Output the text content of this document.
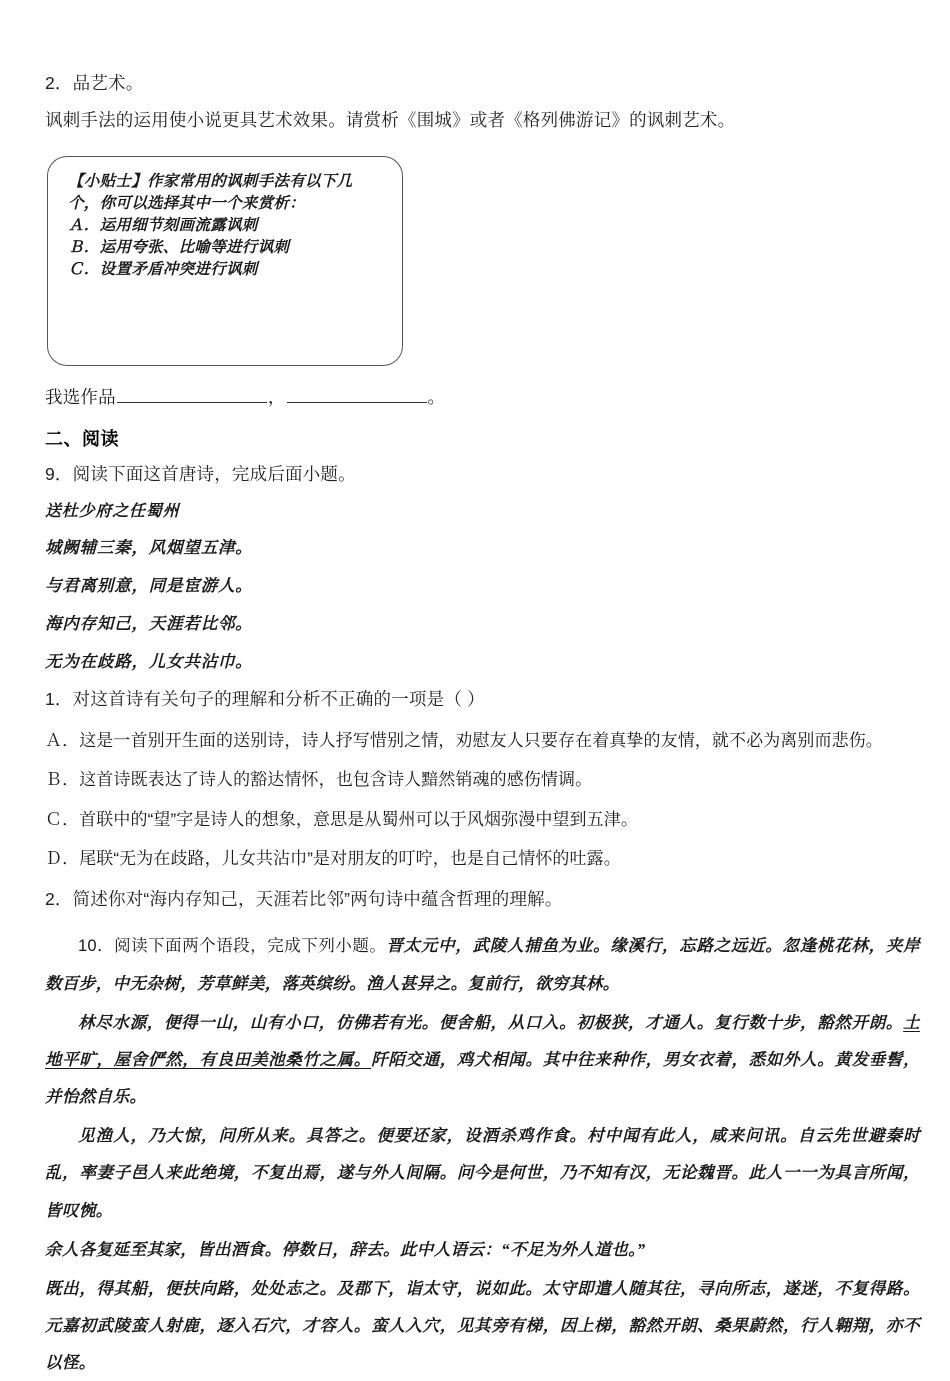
2．品艺术。

讽刺手法的运用使小说更具艺术效果。请赏析《围城》或者《格列佛游记》的讽刺艺术。

【小贴士】作家常用的讽刺手法有以下几
个，你可以选择其中一个来赏析：
Ａ．运用细节刻画流露讽刺
Ｂ．运用夸张、比喻等进行讽刺
Ｃ．设置矛盾冲突进行讽刺
我选作品	，	。

二、阅读

9．阅读下面这首唐诗，完成后面小题。

送杜少府之任蜀州

城阙辅三秦，风烟望五津。

与君离别意，同是宦游人。

海内存知己，天涯若比邻。

无为在歧路，儿女共沾巾。

1．对这首诗有关句子的理解和分析不正确的一项是（ ）

Ａ．这是一首别开生面的送别诗，诗人抒写惜别之情，劝慰友人只要存在着真挚的友情，就不必为离别而悲伤。

Ｂ．这首诗既表达了诗人的豁达情怀，也包含诗人黯然销魂的感伤情调。

Ｃ．首联中的“望”字是诗人的想象，意思是从蜀州可以于风烟弥漫中望到五津。

Ｄ．尾联“无为在歧路，儿女共沾巾”是对朋友的叮咛，也是自己情怀的吐露。

2．简述你对“海内存知己，天涯若比邻”两句诗中蕴含哲理的理解。

10．阅读下面两个语段，完成下列小题。晋太元中，武陵人捕鱼为业。缘溪行，忘路之远近。忽逢桃花林，夹岸数百步，中无杂树，芳草鲜美，落英缤纷。渔人甚异之。复前行，欲穷其林。

林尽水源，便得一山，山有小口，仿佛若有光。便舍船，从口入。初极狭，才通人。复行数十步，豁然开朗。土地平旷，屋舍俨然，有良田美池桑竹之属。阡陌交通，鸡犬相闻。其中往来种作，男女衣着，悉如外人。黄发垂髫，并怡然自乐。

见渔人，乃大惊，问所从来。具答之。便要还家，设酒杀鸡作食。村中闻有此人，咸来问讯。自云先世避秦时乱，率妻子邑人来此绝境，不复出焉，遂与外人间隔。问今是何世，乃不知有汉，无论魏晋。此人一一为具言所闻，皆叹惋。

余人各复延至其家，皆出酒食。停数日，辞去。此中人语云：“不足为外人道也。”

既出，得其船，便扶向路，处处志之。及郡下，诣太守，说如此。太守即遣人随其往，寻向所志，遂迷，不复得路。元嘉初武陵蛮人射鹿，逐入石穴，才容人。蛮人入穴，见其旁有梯，因上梯，豁然开朗、桑果蔚然，行人翱翔，亦不以怪。
